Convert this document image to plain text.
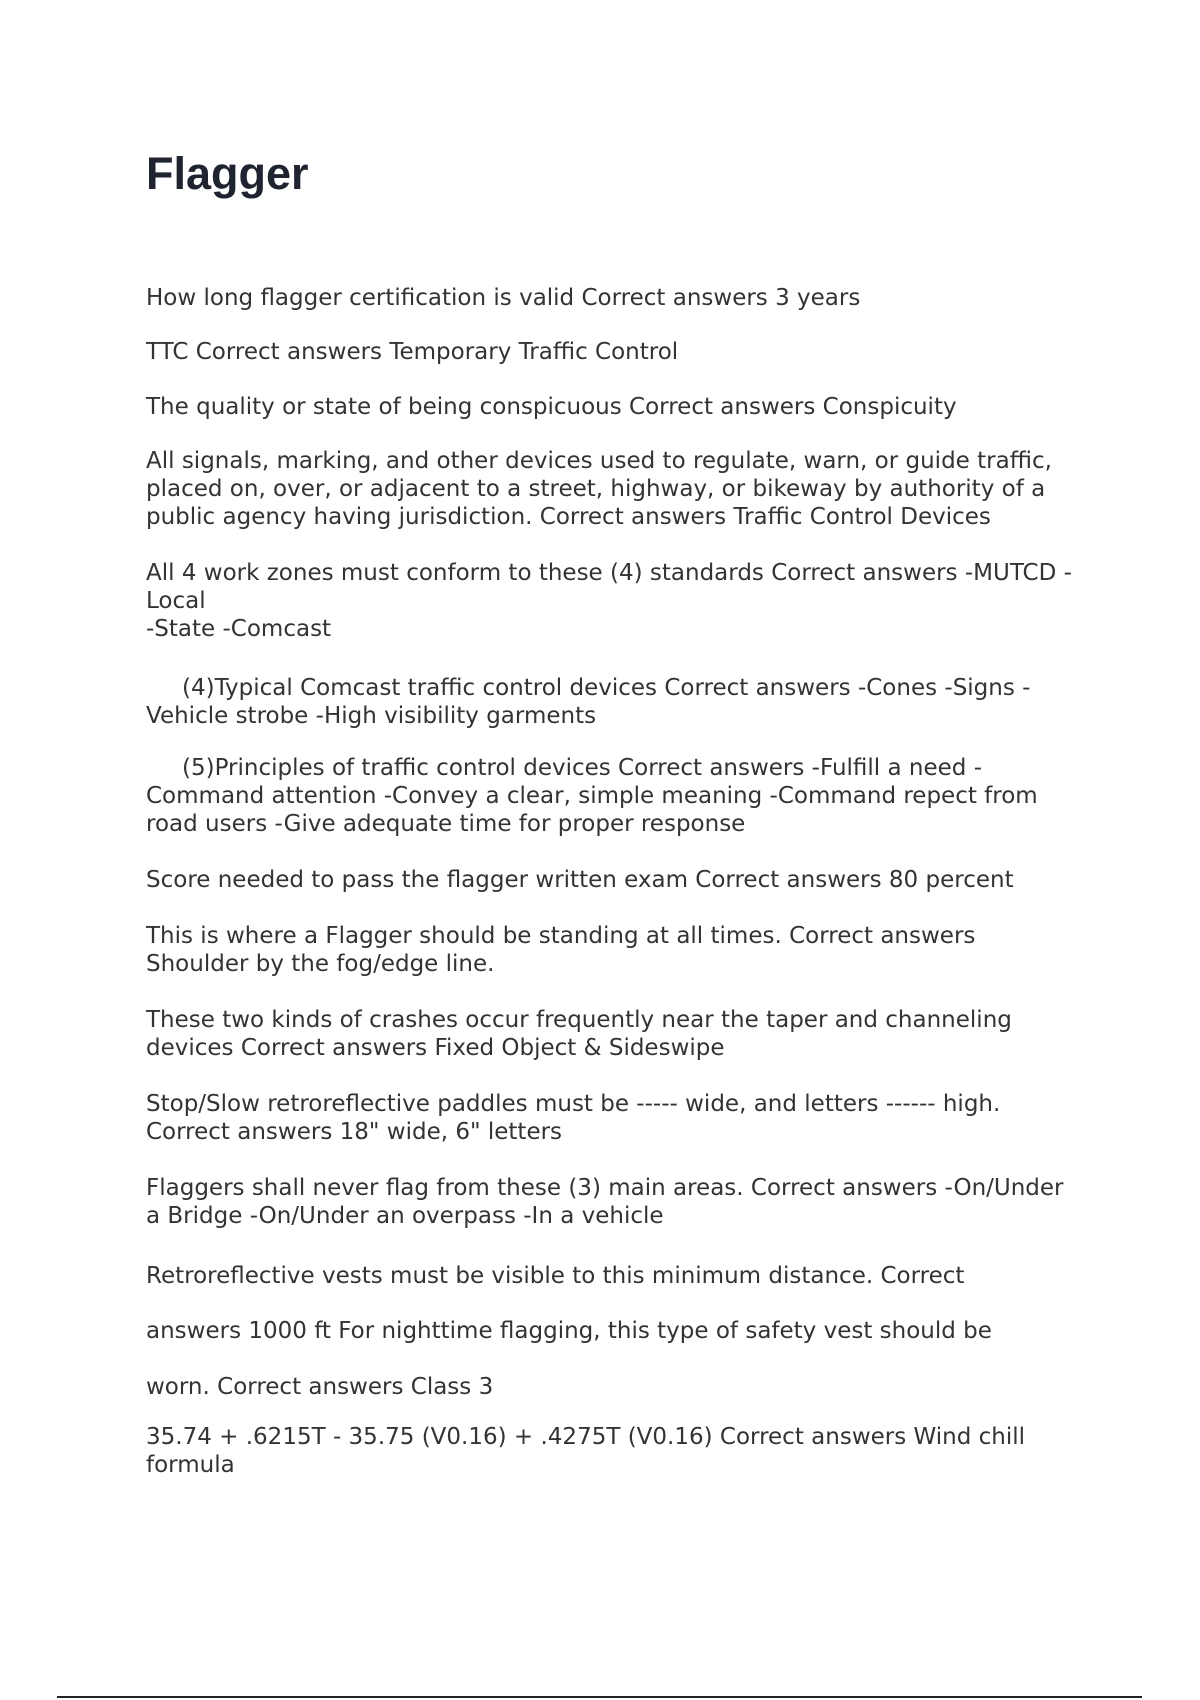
Flagger

How long flagger certification is valid Correct answers 3 years

TTC Correct answers Temporary Traffic Control

The quality or state of being conspicuous Correct answers Conspicuity

All signals, marking, and other devices used to regulate, warn, or guide traffic, placed on, over, or adjacent to a street, highway, or bikeway by authority of a public agency having jurisdiction. Correct answers Traffic Control Devices

All 4 work zones must conform to these (4) standards Correct answers -MUTCD -Local
-State -Comcast

(4)Typical Comcast traffic control devices Correct answers -Cones -Signs -Vehicle strobe -High visibility garments

(5)Principles of traffic control devices Correct answers -Fulfill a need -Command attention -Convey a clear, simple meaning -Command repect from road users -Give adequate time for proper response

Score needed to pass the flagger written exam Correct answers 80 percent

This is where a Flagger should be standing at all times. Correct answers Shoulder by the fog/edge line.

These two kinds of crashes occur frequently near the taper and channeling devices Correct answers Fixed Object & Sideswipe

Stop/Slow retroreflective paddles must be ----- wide, and letters ------ high. Correct answers 18" wide, 6" letters

Flaggers shall never flag from these (3) main areas. Correct answers -On/Under a Bridge -On/Under an overpass -In a vehicle

Retroreflective vests must be visible to this minimum distance. Correct

answers 1000 ft For nighttime flagging, this type of safety vest should be

worn. Correct answers Class 3

35.74 + .6215T - 35.75 (V0.16) + .4275T (V0.16) Correct answers Wind chill formula
